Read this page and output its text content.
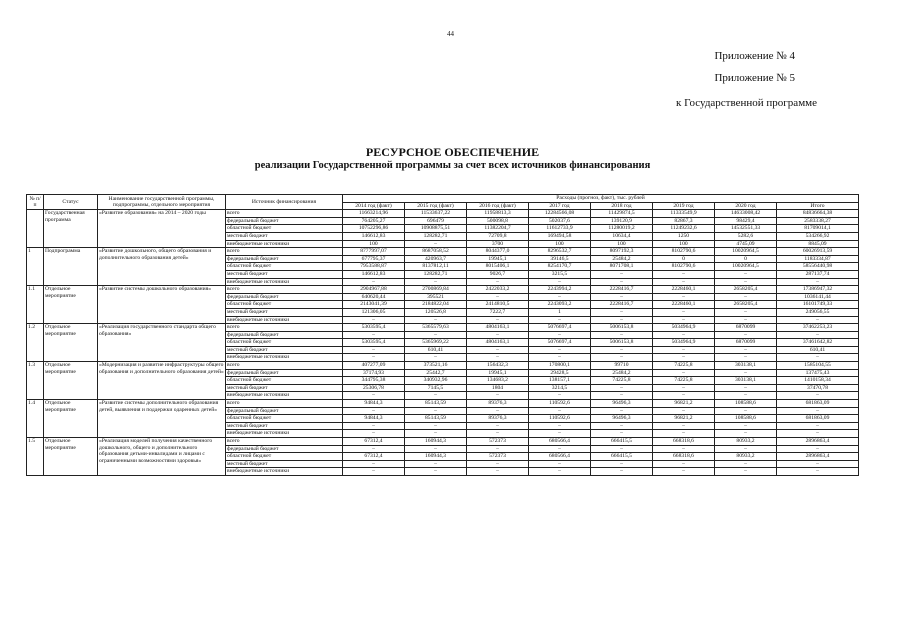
44
Приложение № 4
Приложение № 5
к Государственной программе
РЕСУРСНОЕ ОБЕСПЕЧЕНИЕ
реализации Государственной программы за счет всех источников финансирования
№ п/п	Статус	Наименование государственной программы, подпрограммы, отдельного мероприятия	Источник финансирования	Расходы (прогноз, факт), тыс. рублей							
				2014 год (факт)	2015 год (факт)	2016 год (факт)	2017 год	2018 год	2019 год	2020 год	Итого
	Государственная программа	«Развитие образования» на 2014 – 2020 годы	всего	11663214,96	11533637,22	11958813,3	12284566,08	11429874,5	11333549,9	14633008,42	84836664,38
			федеральный бюджет	764205,27	696479	500098,8	502037,6	139120,9	82867,3	98429,4	2583338,27
			областной бюджет	10752296,86	10908875,51	11382204,7	11612733,9	11280019,2	11249232,6	14532551,33	81709014,1
			местный бюджет	146612,83	128282,71	72709,8	169494,58	10634,4	1250	5282,6	534266,92
			внебюджетные источники	100	–	3700	100	100	100	4745,09	8845,09
1	Подпрограмма	«Развитие дошкольного, общего образования и дополнительного образования детей»	всего	8777997,07	8687058,52	8044377,0	8296532,7	8097192,3	8102790,6	10020964,5	60026913,59
			федеральный бюджет	677795,37	420963,7	19945,1	39146,5	25484,2	0	0	1183334,87
			областной бюджет	7953588,87	8137812,11	8015406,1	8254170,7	8071708,1	8102790,6	10020964,5	58556440,98
			местный бюджет	146612,83	128282,71	9026,7	3215,5	–	–	–	287137,74
			внебюджетные источники	–	–	–	–	–	–	–	–
1.1	Отдельное мероприятие	«Развитие системы дошкольного образования»	всего	2904967,88	2700869,84	2422033,2	2243994,2	2228416,7	2228460,1	2658205,4	17386947,32
			федеральный бюджет	640620,44	395521	–	–	–	–	–	1036141,44
			областной бюджет	2143041,39	2184822,04	2414810,5	2243093,2	2228416,7	2228460,1	2658205,4	16101749,33
			местный бюджет	121306,05	120526,8	7222,7	1	–	–	–	249056,55
			внебюджетные источники	–	–	–	–	–	–	–	–
1.2	Отдельное мероприятие	«Реализация государственного стандарта общего образования»	всего	5303595,4	5365579,63	4804163,1	5076697,4	5006153,8	5034964,9	6870099	37462253,23
			федеральный бюджет	–	–	–	–	–	–	–	–
			областной бюджет	5303595,4	5365969,22	4804163,1	5076697,4	5006153,8	5034964,9	6870099	37461642,82
			местный бюджет	–	610,41	–	–	–	–	–	610,41
			внебюджетные источники	–	–	–	–	–	–	–	–
1.3	Отдельное мероприятие	«Модернизация и развитие инфраструктуры общего образования и дополнительного образования детей»	всего	407277,09	373521,16	156432,3	170800,1	99710	74225,8	303138,1	1585104,55
			федеральный бюджет	37174,93	25442,7	19945,1	29428,5	25484,2	–	–	137475,43
			областной бюджет	344795,38	340932,96	134683,2	138157,1	74225,8	74225,8	303138,1	1410158,34
			местный бюджет	25306,78	7145,5	1804	3214,5	–	–	–	37470,78
			внебюджетные источники	–	–	–	–	–	–	–	–
1.4	Отдельное мероприятие	«Развитие системы дополнительного образования детей, выявления и поддержки одаренных детей»	всего	94844,3	85143,59	89376,3	110592,6	96496,3	96821,2	108588,6	681863,09
			федеральный бюджет	–	–	–	–	–	–	–	–
			областной бюджет	94844,3	85143,59	89376,3	110592,6	96496,3	96821,2	108588,6	681863,09
			местный бюджет	–	–	–	–	–	–	–	–
			внебюджетные источники	–	–	–	–	–	–	–	–
1.5	Отдельное мероприятие	«Реализация моделей получения качественного дошкольного, общего и дополнительного образования детьми-инвалидами и лицами с ограниченными возможностями здоровья»	всего	67312,4	160944,3	572373	680566,4	666415,5	668318,6	80933,2	2896863,4
			федеральный бюджет	–	–	–	–	–	–	–	–
			областной бюджет	67312,4	160944,3	572373	680566,4	666415,5	668318,6	80933,2	2896863,4
			местный бюджет	–	–	–	–	–	–	–	–
			внебюджетные источники	–	–	–	–	–	–	–	–
